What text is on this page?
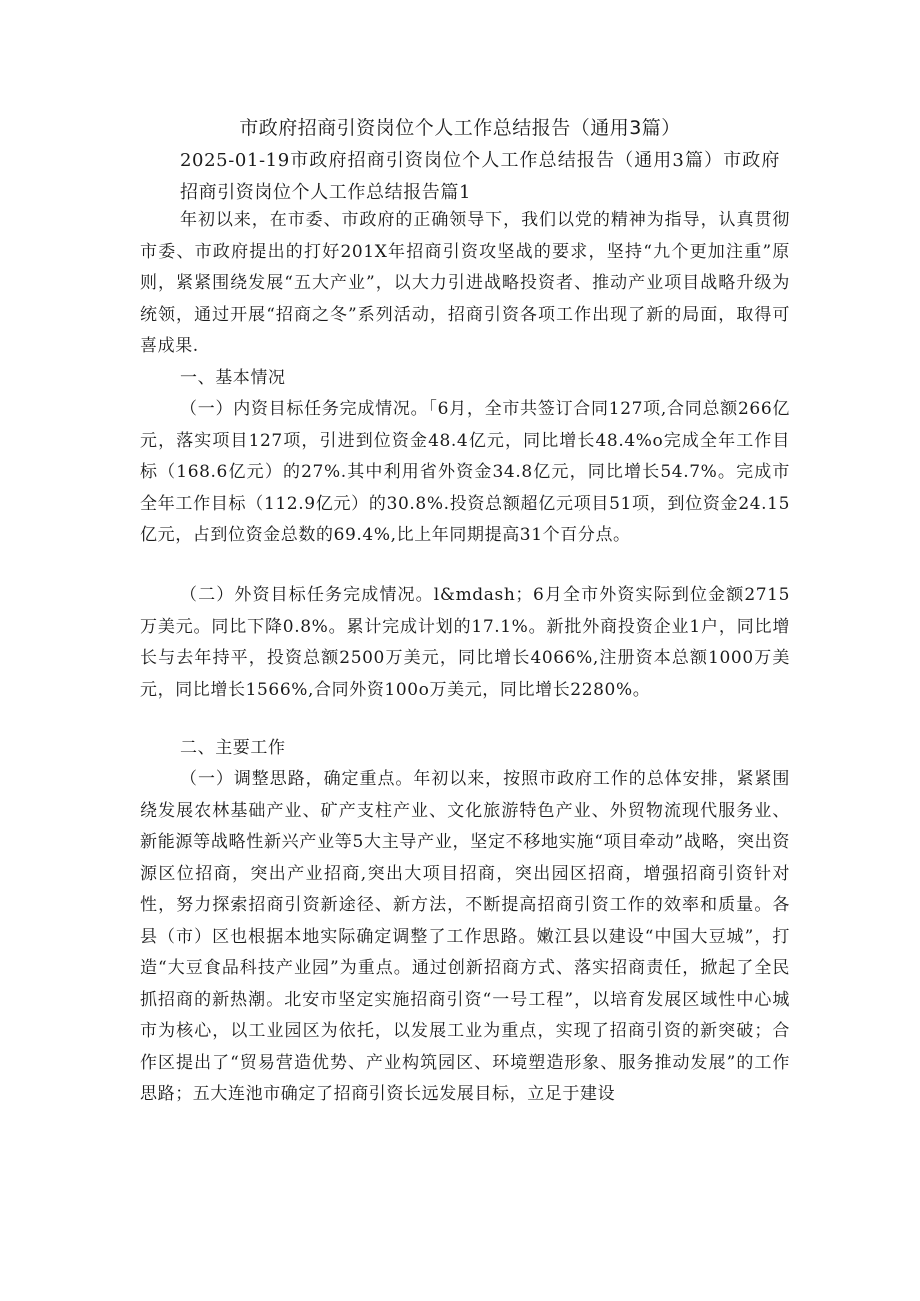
市政府招商引资岗位个人工作总结报告（通用3篇）
2025-01-19市政府招商引资岗位个人工作总结报告（通用3篇）市政府招商引资岗位个人工作总结报告篇1
年初以来，在市委、市政府的正确领导下，我们以党的精神为指导，认真贯彻市委、市政府提出的打好201X年招商引资攻坚战的要求，坚持“九个更加注重”原则，紧紧围绕发展“五大产业”，以大力引进战略投资者、推动产业项目战略升级为统领，通过开展“招商之冬”系列活动，招商引资各项工作出现了新的局面，取得可喜成果.
一、基本情况
（一）内资目标任务完成情况。「6月，全市共签订合同127项,合同总额266亿元，落实项目127项，引进到位资金48.4亿元，同比增长48.4%o完成全年工作目标（168.6亿元）的27%.其中利用省外资金34.8亿元，同比增长54.7%。完成市全年工作目标（112.9亿元）的30.8%.投资总额超亿元项目51项，到位资金24.15亿元，占到位资金总数的69.4%,比上年同期提高31个百分点。
（二）外资目标任务完成情况。l&mdash；6月全市外资实际到位金额2715万美元。同比下降0.8%。累计完成计划的17.1%。新批外商投资企业1户，同比增长与去年持平，投资总额2500万美元，同比增长4066%,注册资本总额1000万美元，同比增长1566%,合同外资100o万美元，同比增长2280%。
二、主要工作
（一）调整思路，确定重点。年初以来，按照市政府工作的总体安排，紧紧围绕发展农林基础产业、矿产支柱产业、文化旅游特色产业、外贸物流现代服务业、新能源等战略性新兴产业等5大主导产业，坚定不移地实施“项目牵动”战略，突出资源区位招商，突出产业招商,突出大项目招商，突出园区招商，增强招商引资针对性，努力探索招商引资新途径、新方法，不断提高招商引资工作的效率和质量。各县（市）区也根据本地实际确定调整了工作思路。嫩江县以建设“中国大豆城”，打造“大豆食品科技产业园”为重点。通过创新招商方式、落实招商责任，掀起了全民抓招商的新热潮。北安市坚定实施招商引资“一号工程”，以培育发展区域性中心城市为核心，以工业园区为依托，以发展工业为重点，实现了招商引资的新突破；合作区提出了“贸易营造优势、产业构筑园区、环境塑造形象、服务推动发展”的工作思路；五大连池市确定了招商引资长远发展目标，立足于建设
